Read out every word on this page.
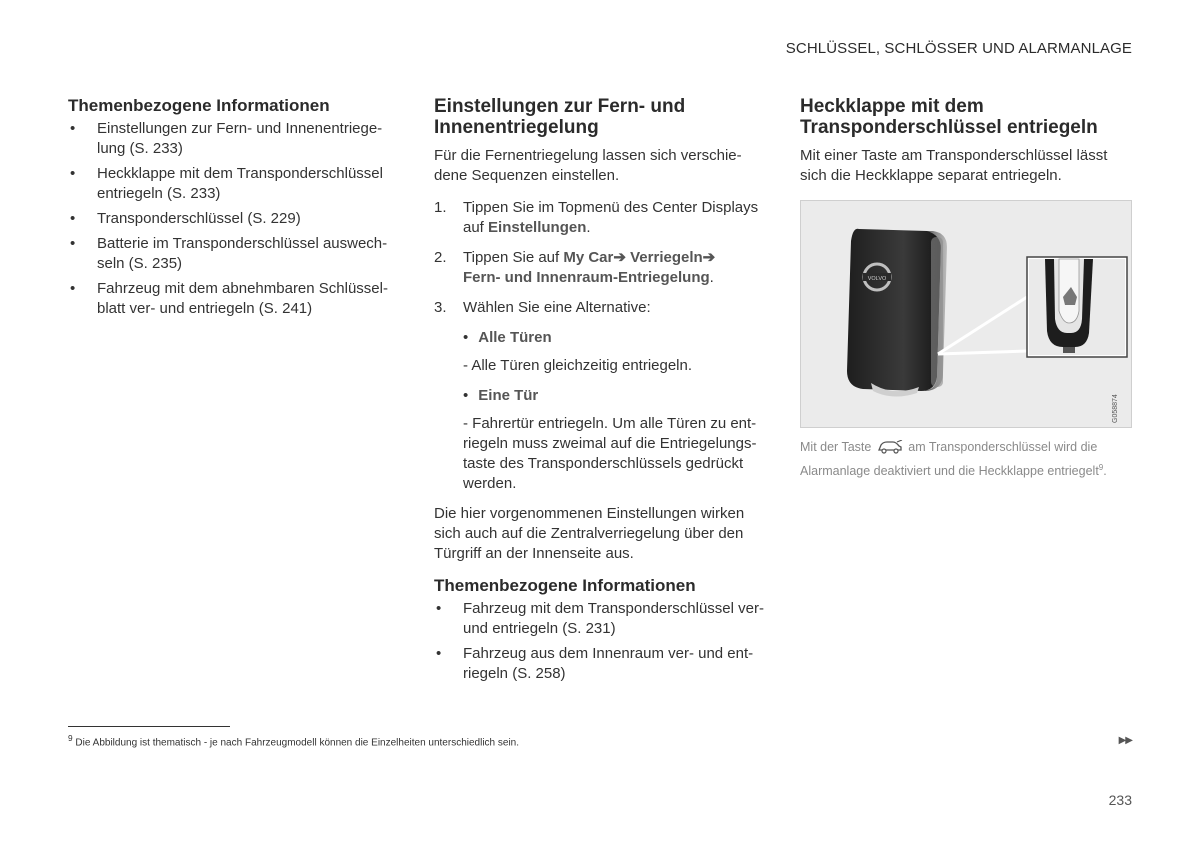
SCHLÜSSEL, SCHLÖSSER UND ALARMANLAGE
Themenbezogene Informationen
• Einstellungen zur Fern- und Innenentriege-lung (S. 233)
• Heckklappe mit dem Transponderschlüssel entriegeln (S. 233)
• Transponderschlüssel (S. 229)
• Batterie im Transponderschlüssel auswech-seln (S. 235)
• Fahrzeug mit dem abnehmbaren Schlüssel-blatt ver- und entriegeln (S. 241)
Einstellungen zur Fern- und
Innenentriegelung

Für die Fernentriegelung lassen sich verschie-dene Sequenzen einstellen.

1. Tippen Sie im Topmenü des Center Displays auf Einstellungen.
2. Tippen Sie auf My Car➔ Verriegeln➔
Fern- und Innenraum-Entriegelung.
3. Wählen Sie eine Alternative:
• Alle Türen
- Alle Türen gleichzeitig entriegeln.
• Eine Tür
- Fahrertür entriegeln. Um alle Türen zu ent-riegeln muss zweimal auf die Entriegelungs-taste des Transponderschlüssels gedrückt werden.

Die hier vorgenommenen Einstellungen wirken sich auch auf die Zentralverriegelung über den Türgriff an der Innenseite aus.

Themenbezogene Informationen
• Fahrzeug mit dem Transponderschlüssel ver-und entriegeln (S. 231)
• Fahrzeug aus dem Innenraum ver- und ent-riegeln (S. 258)
Heckklappe mit dem
Transponderschlüssel entriegeln

Mit einer Taste am Transponderschlüssel lässt sich die Heckklappe separat entriegeln.

VOLVO
G058874
Mit der Taste	am Transponderschlüssel wird die Alarmanlage deaktiviert und die Heckklappe entriegelt$^9$.
$^9$ Die Abbildung ist thematisch - je nach Fahrzeugmodell können die Einzelheiten unterschiedlich sein.	▶▶
233
